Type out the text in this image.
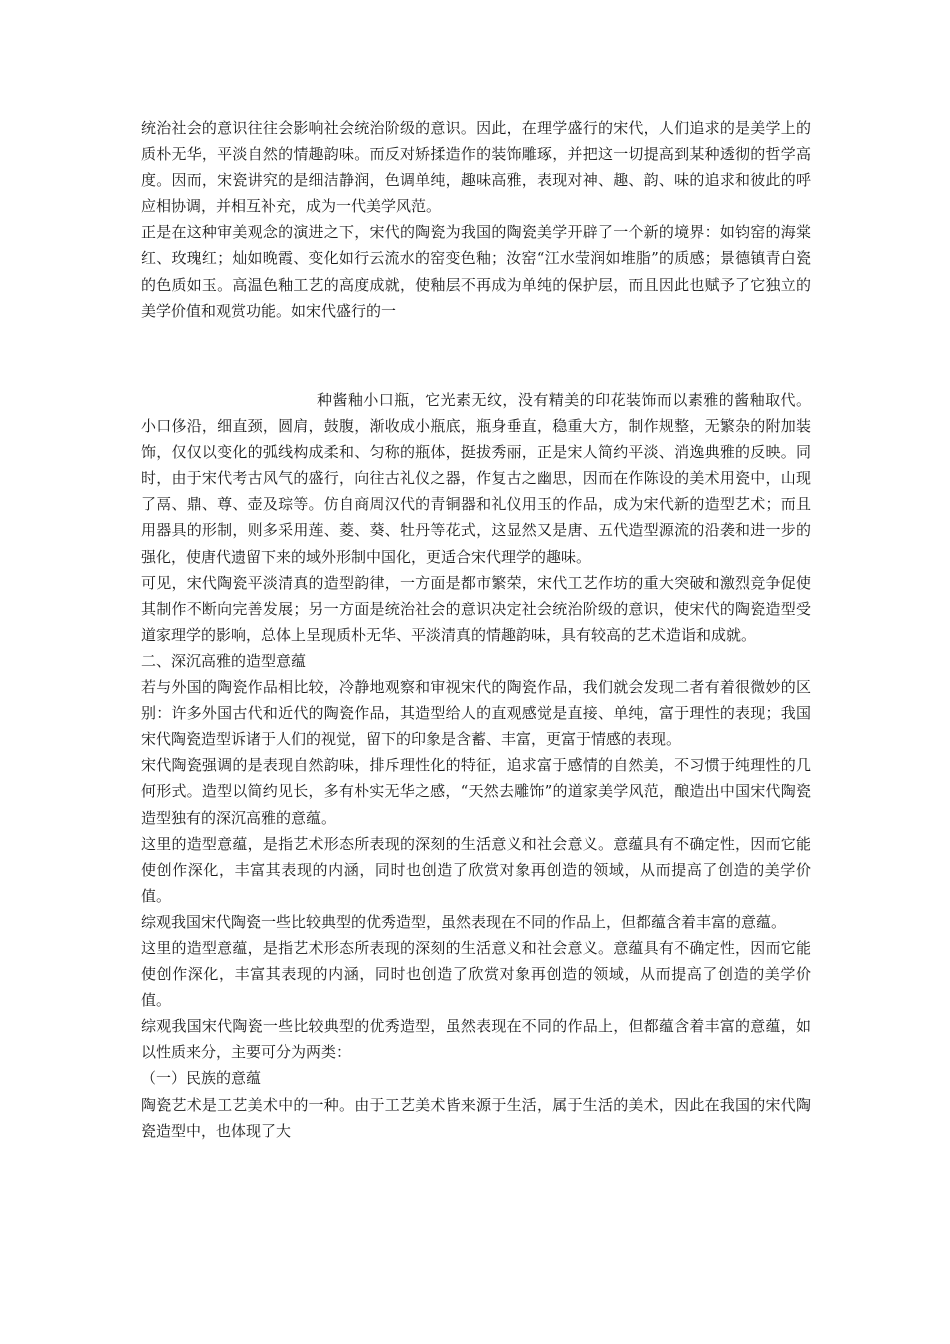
统治社会的意识往往会影响社会统治阶级的意识。因此，在理学盛行的宋代，人们追求的是美学上的质朴无华，平淡自然的情趣韵味。而反对矫揉造作的装饰雕琢，并把这一切提高到某种透彻的哲学高度。因而，宋瓷讲究的是细洁静润，色调单纯，趣味高雅，表现对神、趣、韵、味的追求和彼此的呼应相协调，并相互补充，成为一代美学风范。

正是在这种审美观念的演进之下，宋代的陶瓷为我国的陶瓷美学开辟了一个新的境界：如钧窑的海棠红、玫瑰红；灿如晚霞、变化如行云流水的窑变色釉；汝窑“江水莹润如堆脂”的质感；景德镇青白瓷的色质如玉。高温色釉工艺的高度成就，使釉层不再成为单纯的保护层，而且因此也赋予了它独立的美学价值和观赏功能。如宋代盛行的一

种酱釉小口瓶，它光素无纹，没有精美的印花装饰而以素雅的酱釉取代。小口侈沿，细直颈，圆肩，鼓腹，渐收成小瓶底，瓶身垂直，稳重大方，制作规整，无繁杂的附加装饰，仅仅以变化的弧线构成柔和、匀称的瓶体，挺拔秀丽，正是宋人简约平淡、消逸典雅的反映。同时，由于宋代考古风气的盛行，向往古礼仪之器，作复古之幽思，因而在作陈设的美术用瓷中，山现了鬲、鼎、尊、壶及琮等。仿自商周汉代的青铜器和礼仪用玉的作品，成为宋代新的造型艺术；而且用器具的形制，则多采用莲、菱、葵、牡丹等花式，这显然又是唐、五代造型源流的沿袭和进一步的强化，使唐代遗留下来的域外形制中国化，更适合宋代理学的趣味。

可见，宋代陶瓷平淡清真的造型韵律，一方面是都市繁荣，宋代工艺作坊的重大突破和激烈竞争促使其制作不断向完善发展；另一方面是统治社会的意识决定社会统治阶级的意识，使宋代的陶瓷造型受道家理学的影响，总体上呈现质朴无华、平淡清真的情趣韵味，具有较高的艺术造诣和成就。

二、深沉高雅的造型意蕴

若与外国的陶瓷作品相比较，冷静地观察和审视宋代的陶瓷作品，我们就会发现二者有着很微妙的区别：许多外国古代和近代的陶瓷作品，其造型给人的直观感觉是直接、单纯，富于理性的表现；我国宋代陶瓷造型诉诸于人们的视觉，留下的印象是含蓄、丰富，更富于情感的表现。

宋代陶瓷强调的是表现自然韵味，排斥理性化的特征，追求富于感情的自然美，不习惯于纯理性的几何形式。造型以简约见长，多有朴实无华之感，“天然去雕饰”的道家美学风范，酿造出中国宋代陶瓷造型独有的深沉高雅的意蕴。

这里的造型意蕴，是指艺术形态所表现的深刻的生活意义和社会意义。意蕴具有不确定性，因而它能使创作深化，丰富其表现的内涵，同时也创造了欣赏对象再创造的领域，从而提高了创造的美学价值。

综观我国宋代陶瓷一些比较典型的优秀造型，虽然表现在不同的作品上，但都蕴含着丰富的意蕴。

这里的造型意蕴，是指艺术形态所表现的深刻的生活意义和社会意义。意蕴具有不确定性，因而它能使创作深化，丰富其表现的内涵，同时也创造了欣赏对象再创造的领域，从而提高了创造的美学价值。

综观我国宋代陶瓷一些比较典型的优秀造型，虽然表现在不同的作品上，但都蕴含着丰富的意蕴，如以性质来分，主要可分为两类：

（一）民族的意蕴

陶瓷艺术是工艺美术中的一种。由于工艺美术皆来源于生活，属于生活的美术，因此在我国的宋代陶瓷造型中，也体现了大
